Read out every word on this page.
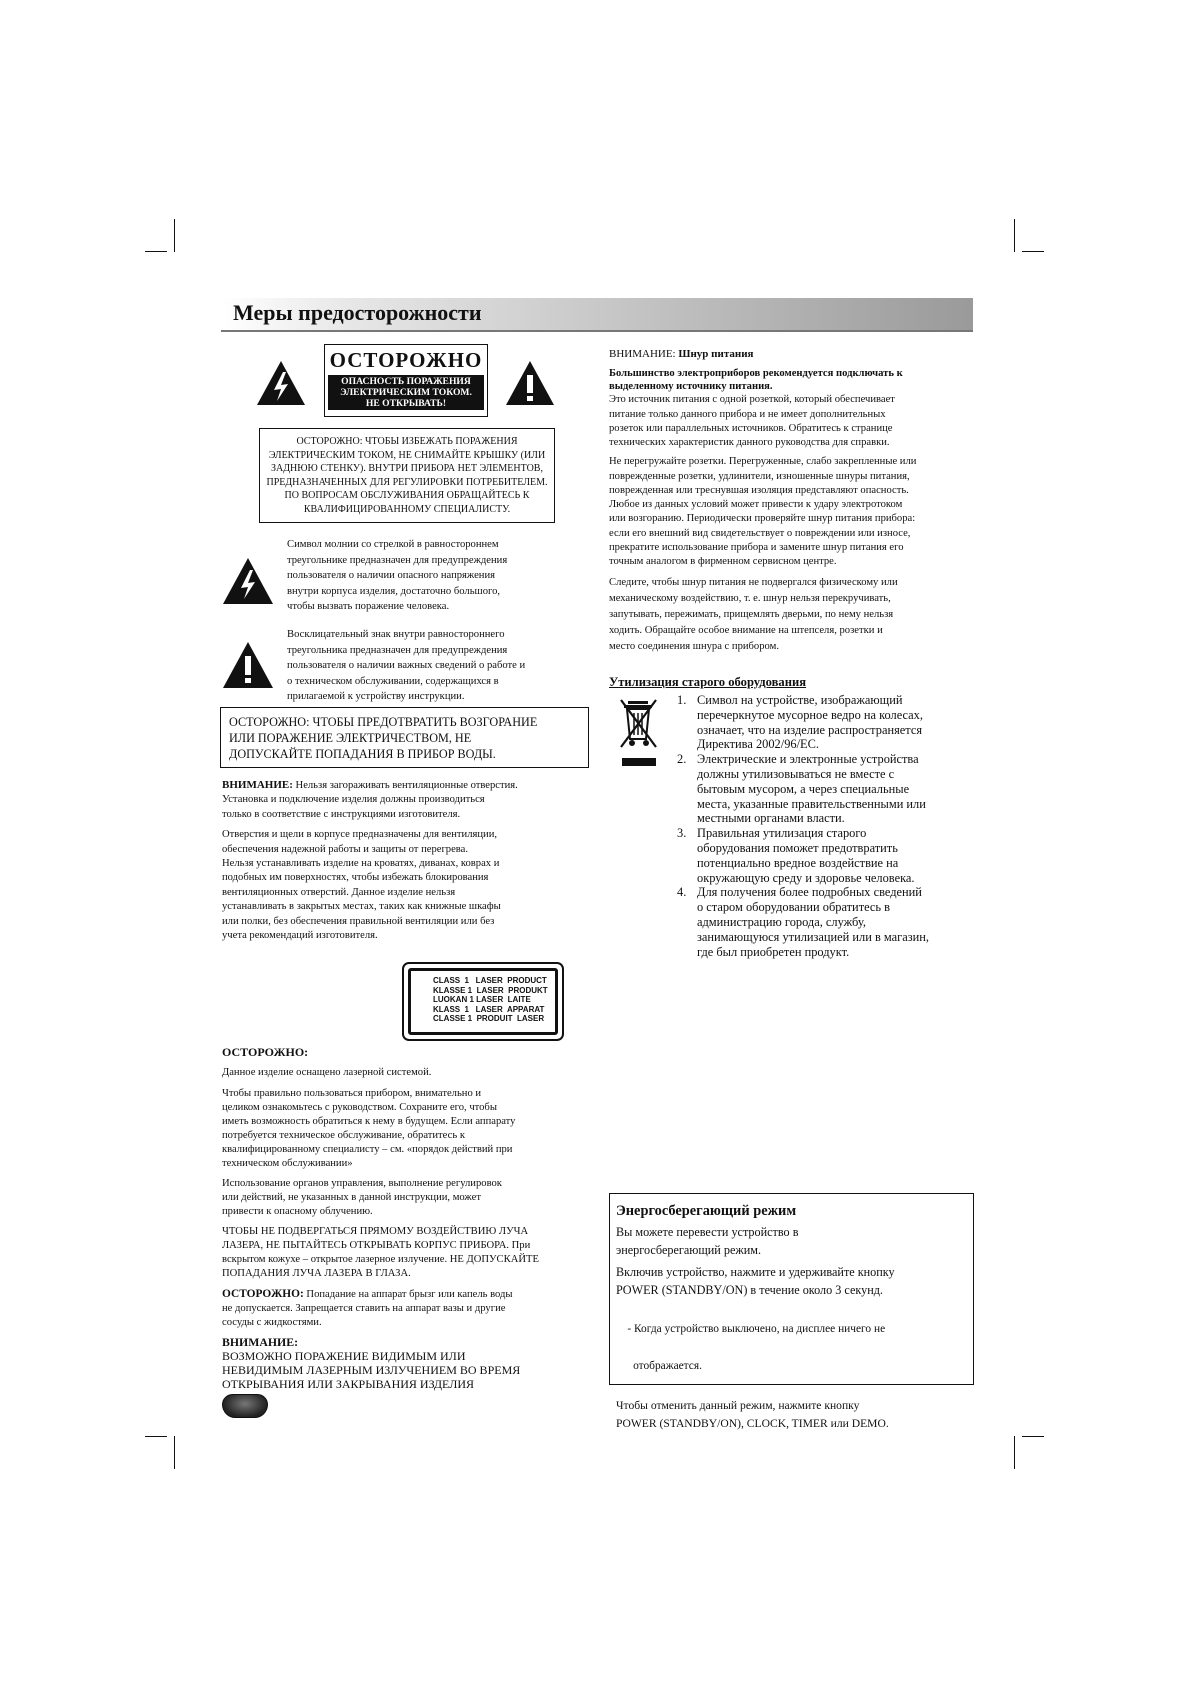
Меры предосторожности
ОСТОРОЖНО
ОПАСНОСТЬ ПОРАЖЕНИЯ
ЭЛЕКТРИЧЕСКИМ ТОКОМ.
НЕ ОТКРЫВАТЬ!
ОСТОРОЖНО: ЧТОБЫ ИЗБЕЖАТЬ ПОРАЖЕНИЯ
ЭЛЕКТРИЧЕСКИМ ТОКОМ, НЕ СНИМАЙТЕ КРЫШКУ (ИЛИ
ЗАДНЮЮ СТЕНКУ). ВНУТРИ ПРИБОРА НЕТ ЭЛЕМЕНТОВ,
ПРЕДНАЗНАЧЕННЫХ ДЛЯ РЕГУЛИРОВКИ ПОТРЕБИТЕЛЕМ.
ПО ВОПРОСАМ ОБСЛУЖИВАНИЯ ОБРАЩАЙТЕСЬ К
КВАЛИФИЦИРОВАННОМУ СПЕЦИАЛИСТУ.
Символ молнии со стрелкой в равностороннем
треугольнике предназначен для предупреждения
пользователя о наличии опасного напряжения
внутри корпуса изделия, достаточно большого,
чтобы вызвать поражение человека.
Восклицательный знак внутри равностороннего
треугольника предназначен для предупреждения
пользователя о наличии важных сведений о работе и
о техническом обслуживании, содержащихся в
прилагаемой к устройству инструкции.
ОСТОРОЖНО: ЧТОБЫ ПРЕДОТВРАТИТЬ ВОЗГОРАНИЕ
ИЛИ ПОРАЖЕНИЕ ЭЛЕКТРИЧЕСТВОМ, НЕ
ДОПУСКАЙТЕ ПОПАДАНИЯ В ПРИБОР ВОДЫ.

ВНИМАНИЕ: Нельзя загораживать вентиляционные отверстия.
Установка и подключение изделия должны производиться
только в соответствие с инструкциями изготовителя.

Отверстия и щели в корпусе предназначены для вентиляции,
обеспечения надежной работы и защиты от перегрева.
Нельзя устанавливать изделие на кроватях, диванах, коврах и
подобных им поверхностях, чтобы избежать блокирования
вентиляционных отверстий. Данное изделие нельзя
устанавливать в закрытых местах, таких как книжные шкафы
или полки, без обеспечения правильной вентиляции или без
учета рекомендаций изготовителя.
CLASS  1   LASER  PRODUCT
KLASSE 1  LASER  PRODUKT
LUOKAN 1 LASER  LAITE
KLASS  1   LASER  APPARAT
CLASSE 1  PRODUIT  LASER
ОСТОРОЖНО:

Данное изделие оснащено лазерной системой.

Чтобы правильно пользоваться прибором, внимательно и
целиком ознакомьтесь с руководством. Сохраните его, чтобы
иметь возможность обратиться к нему в будущем. Если аппарату
потребуется техническое обслуживание, обратитесь к
квалифицированному специалисту – см. «порядок действий при
техническом обслуживании»

Использование органов управления, выполнение регулировок
или действий, не указанных в данной инструкции, может
привести к опасному облучению.

ЧТОБЫ НЕ ПОДВЕРГАТЬСЯ ПРЯМОМУ ВОЗДЕЙСТВИЮ ЛУЧА
ЛАЗЕРА, НЕ ПЫТАЙТЕСЬ ОТКРЫВАТЬ КОРПУС ПРИБОРА. При
вскрытом кожухе – открытое лазерное излучение. НЕ ДОПУСКАЙТЕ
ПОПАДАНИЯ ЛУЧА ЛАЗЕРА В ГЛАЗА.

ОСТОРОЖНО: Попадание на аппарат брызг или капель воды
не допускается. Запрещается ставить на аппарат вазы и другие
сосуды с жидкостями.

ВНИМАНИЕ:
ВОЗМОЖНО ПОРАЖЕНИЕ ВИДИМЫМ ИЛИ
НЕВИДИМЫМ ЛАЗЕРНЫМ ИЗЛУЧЕНИЕМ ВО ВРЕМЯ
ОТКРЫВАНИЯ ИЛИ ЗАКРЫВАНИЯ ИЗДЕЛИЯ
ВНИМАНИЕ: Шнур питания

Большинство электроприборов рекомендуется подключать к
выделенному источнику питания.

Это источник питания с одной розеткой, который обеспечивает
питание только данного прибора и не имеет дополнительных
розеток или параллельных источников. Обратитесь к странице
технических характеристик данного руководства для справки.

Не перегружайте розетки. Перегруженные, слабо закрепленные или
поврежденные розетки, удлинители, изношенные шнуры питания,
поврежденная или треснувшая изоляция представляют опасность.
Любое из данных условий может привести к удару электротоком
или возгоранию. Периодически проверяйте шнур питания прибора:
если его внешний вид свидетельствует о повреждении или износе,
прекратите использование прибора и замените шнур питания его
точным аналогом в фирменном сервисном центре.

Следите, чтобы шнур питания не подвергался физическому или
механическому воздействию, т. е. шнур нельзя перекручивать,
запутывать, пережимать, прищемлять дверьми, по нему нельзя
ходить. Обращайте особое внимание на штепселя, розетки и
место соединения шнура с прибором.

Утилизация старого оборудования
1. Символ на устройстве, изображающий
перечеркнутое мусорное ведро на колесах,
означает, что на изделие распространяется
Директива 2002/96/EC.
2. Электрические и электронные устройства
должны утилизовываться не вместе с
бытовым мусором, а через специальные
места, указанные правительственными или
местными органами власти.
3. Правильная утилизация старого
оборудования поможет предотвратить
потенциально вредное воздействие на
окружающую среду и здоровье человека.
4. Для получения более подробных сведений
о старом оборудовании обратитесь в
администрацию города, службу,
занимающуюся утилизацией или в магазин,
где был приобретен продукт.
Энергосберегающий режим

Вы можете перевести устройство в
энергосберегающий режим.

Включив устройство, нажмите и удерживайте кнопку
POWER (STANDBY/ON) в течение около 3 секунд.

- Когда устройство выключено, на дисплее ничего не

отображается.

Чтобы отменить данный режим, нажмите кнопку
POWER (STANDBY/ON), CLOCK, TIMER или DEMO.
